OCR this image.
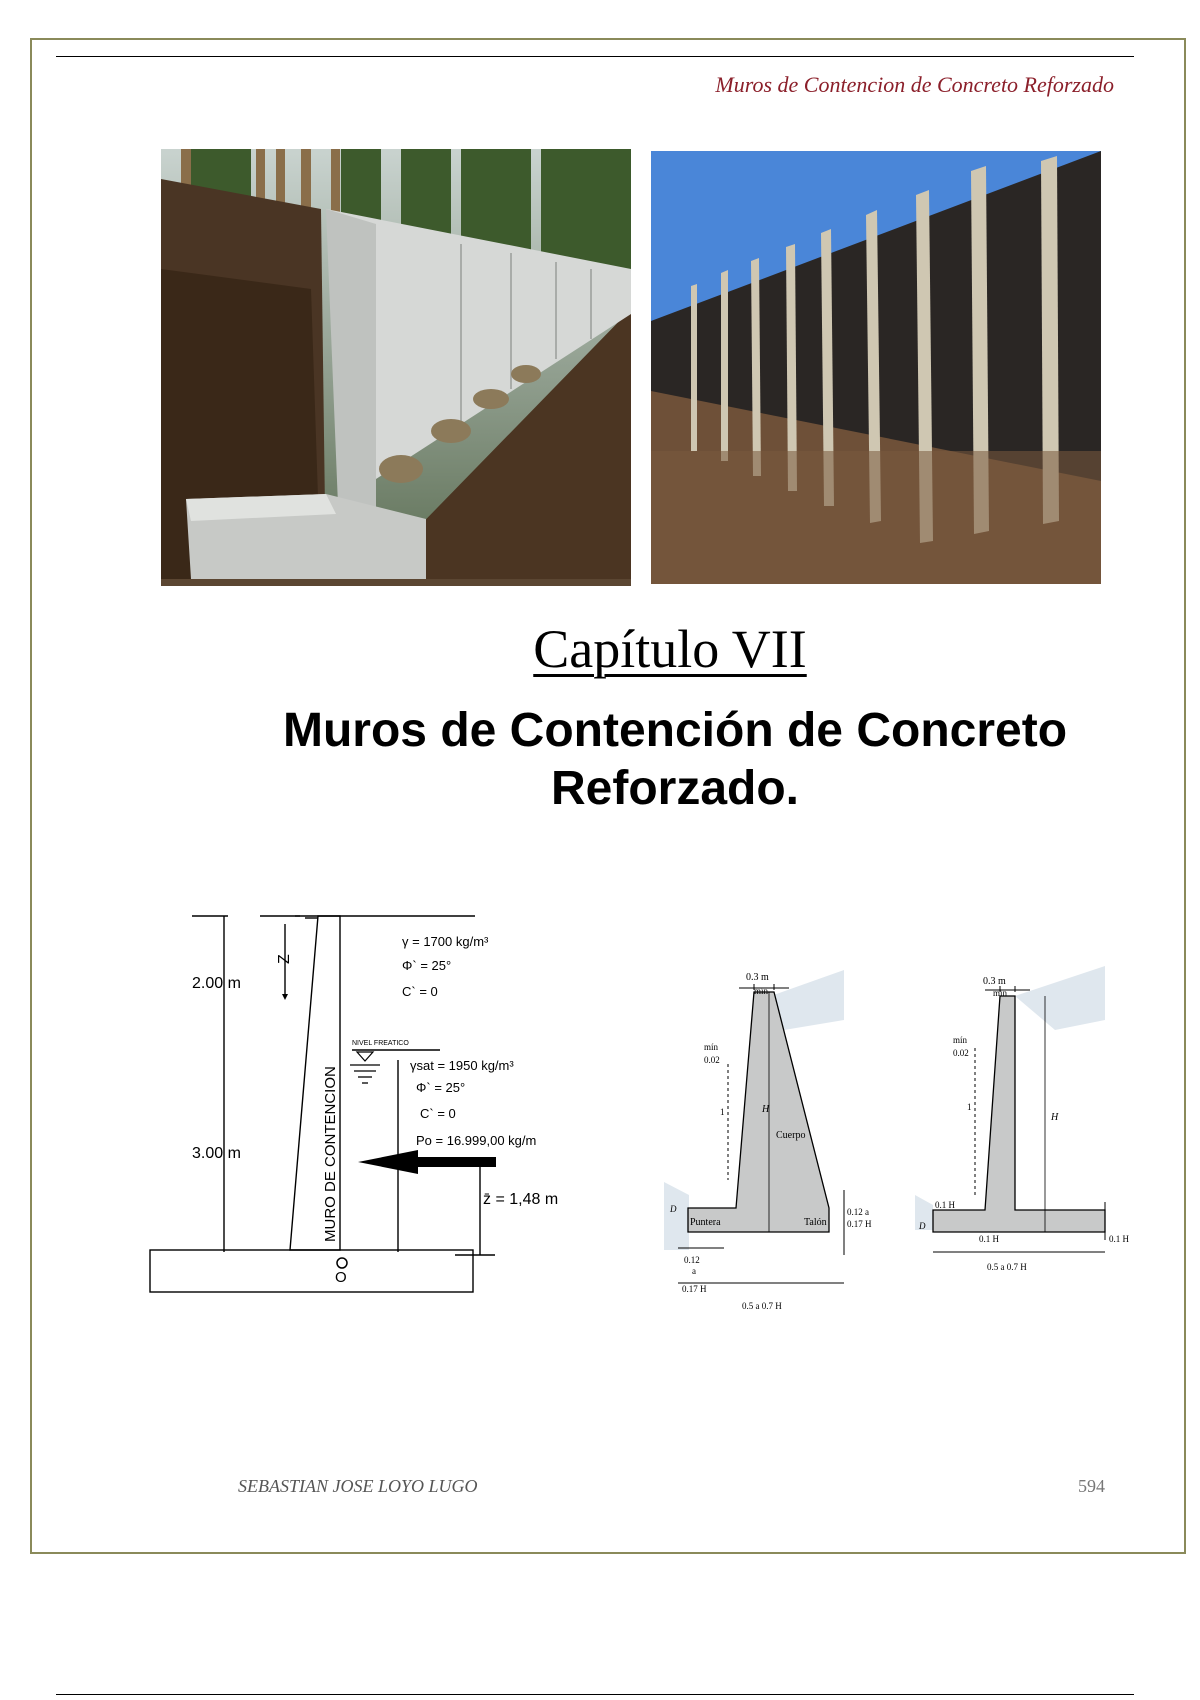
Muros de Contencion de Concreto Reforzado
Capítulo VII
Muros de Contención de Concreto Reforzado.
2.00 m
3.00 m
Z
γ = 1700 kg/m³
Φ` = 25°
C` = 0
NIVEL FREATICO
γsat = 1950 kg/m³
Φ` = 25°
C` = 0
Po = 16.999,00 kg/m
z̄ = 1,48 m
MURO DE CONTENCION
O
0.3 m
mín
mín
0.02
1	H
Cuerpo
Puntera	Talón
D
0.12
a
0.17 H
0.5 a 0.7 H
0.12 a
0.17 H
0.3 m
mín
mín
0.02
1
H
0.1 H
0.1 H	0.1 H
D
0.5 a 0.7 H
SEBASTIAN JOSE LOYO LUGO	594
